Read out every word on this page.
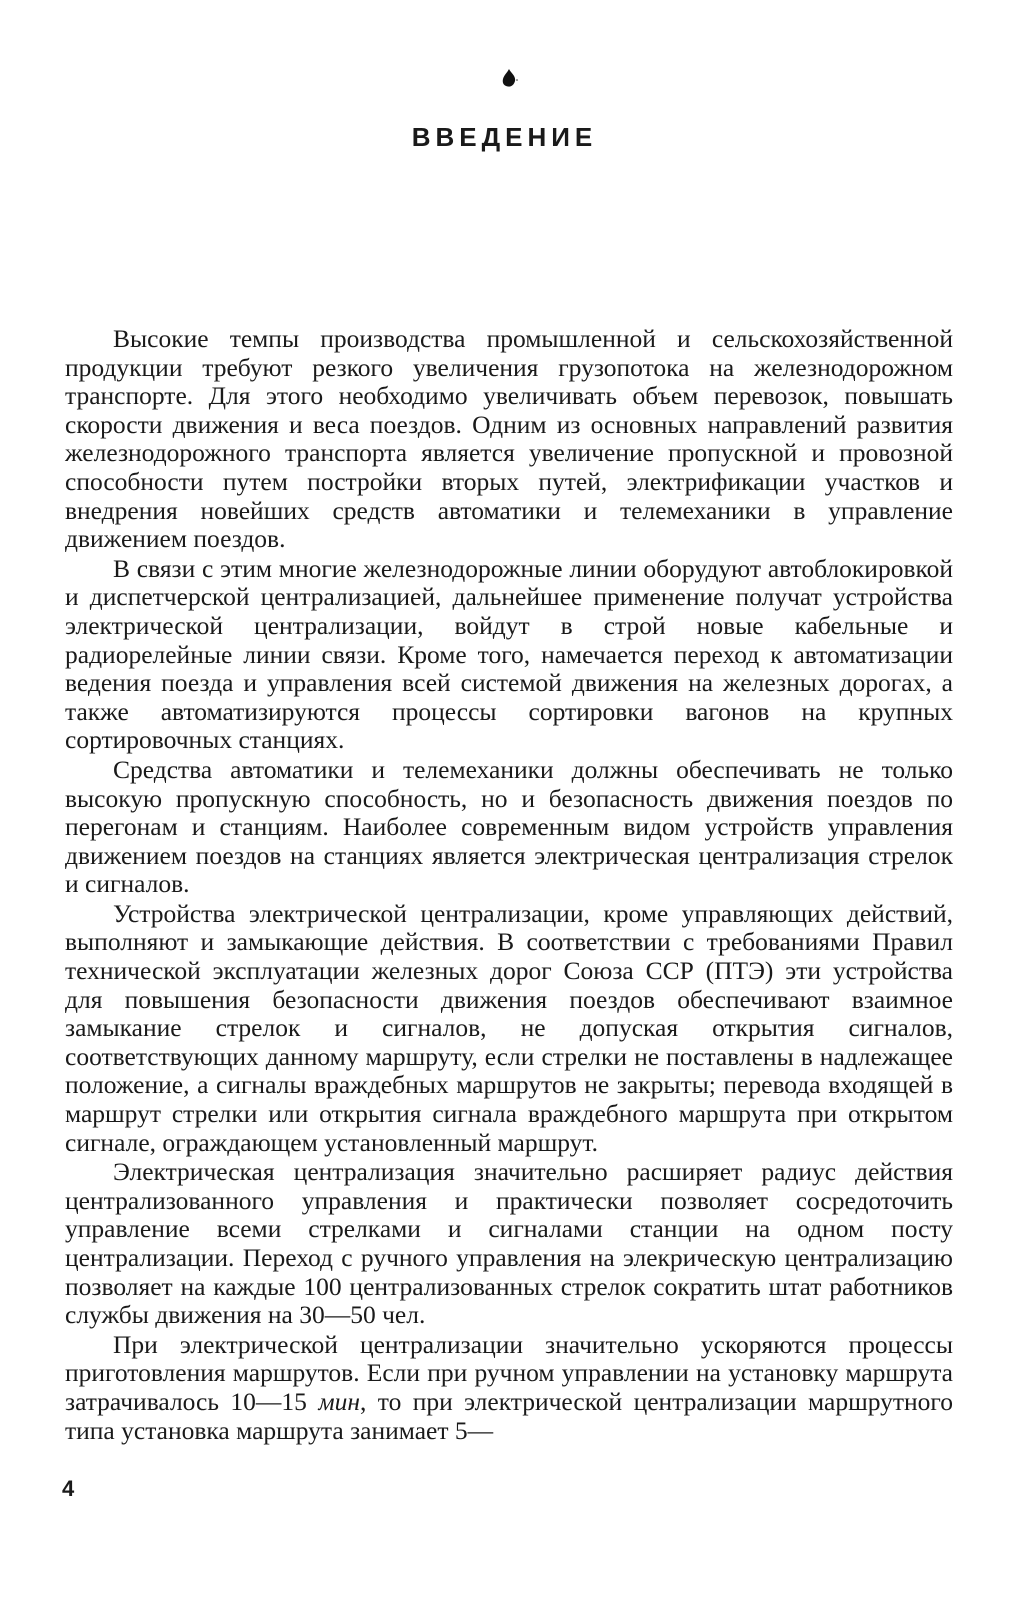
ВВЕДЕНИЕ

Высокие темпы производства промышленной и сельскохозяйственной продукции требуют резкого увеличения грузопотока на железнодорожном транспорте. Для этого необходимо увеличивать объем перевозок, повышать скорости движения и веса поездов. Одним из основных направлений развития железнодорожного транспорта является увеличение пропускной и провозной способности путем постройки вторых путей, электрификации участков и внедрения новейших средств автоматики и телемеханики в управление движением поездов.

В связи с этим многие железнодорожные линии оборудуют автоблокировкой и диспетчерской централизацией, дальнейшее применение получат устройства электрической централизации, войдут в строй новые кабельные и радиорелейные линии связи. Кроме того, намечается переход к автоматизации ведения поезда и управления всей системой движения на железных дорогах, а также автоматизируются процессы сортировки вагонов на крупных сортировочных станциях.

Средства автоматики и телемеханики должны обеспечивать не только высокую пропускную способность, но и безопасность движения поездов по перегонам и станциям. Наиболее современным видом устройств управления движением поездов на станциях является электрическая централизация стрелок и сигналов.

Устройства электрической централизации, кроме управляющих действий, выполняют и замыкающие действия. В соответствии с требованиями Правил технической эксплуатации железных дорог Союза ССР (ПТЭ) эти устройства для повышения безопасности движения поездов обеспечивают взаимное замыкание стрелок и сигналов, не допуская открытия сигналов, соответствующих данному маршруту, если стрелки не поставлены в надлежащее положение, а сигналы враждебных маршрутов не закрыты; перевода входящей в маршрут стрелки или открытия сигнала враждебного маршрута при открытом сигнале, ограждающем установленный маршрут.

Электрическая централизация значительно расширяет радиус действия централизованного управления и практически позволяет сосредоточить управление всеми стрелками и сигналами станции на одном посту централизации. Переход с ручного управления на элекрическую централизацию позволяет на каждые 100 централизованных стрелок сократить штат работников службы движения на 30—50 чел.

При электрической централизации значительно ускоряются процессы приготовления маршрутов. Если при ручном управлении на установку маршрута затрачивалось 10—15 мин, то при электрической централизации маршрутного типа установка маршрута занимает 5—

4
